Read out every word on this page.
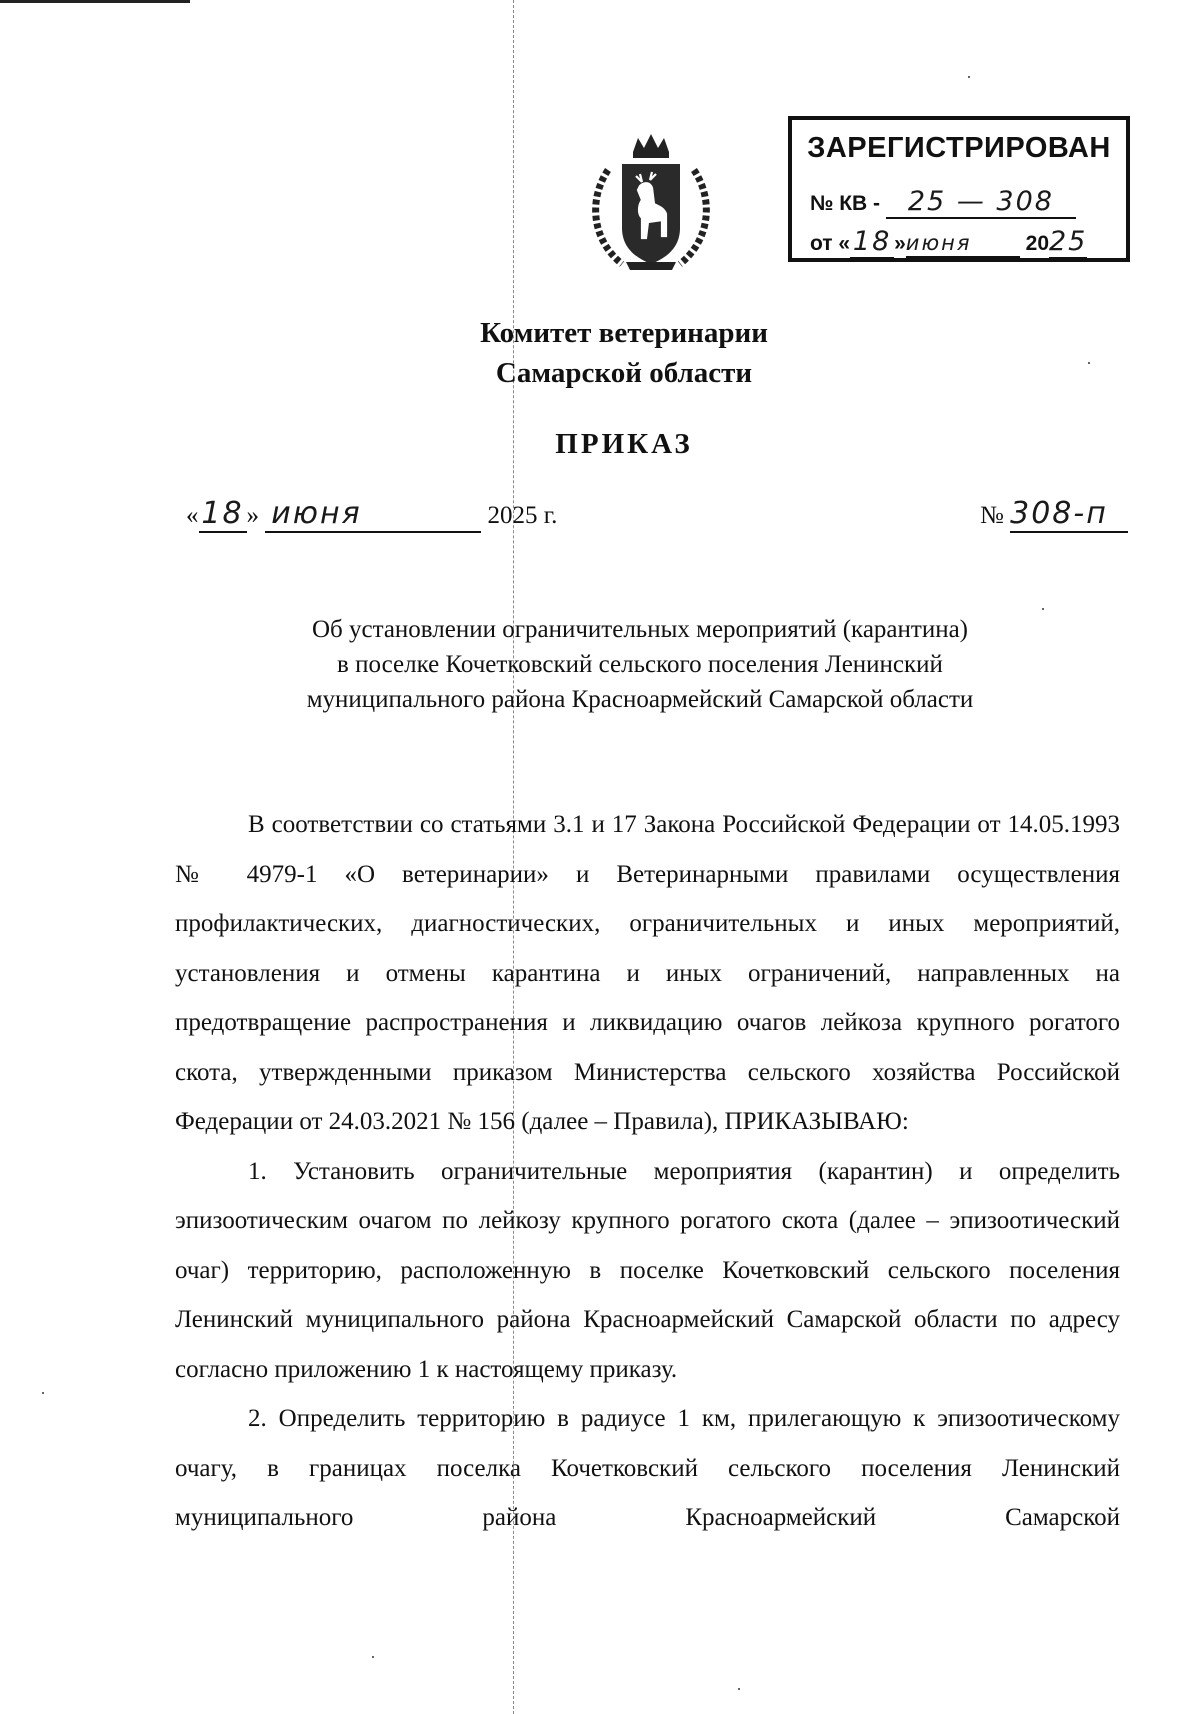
ЗАРЕГИСТРИРОВАН
№ КВ - 25 — 308
от « 18 »июня	2025
Комитет ветеринарии
Самарской области
ПРИКАЗ
«18 » июня	2025 г.	№ 308-п
Об установлении ограничительных мероприятий (карантина)
в поселке Кочетковский сельского поселения Ленинский
муниципального района Красноармейский Самарской области

В соответствии со статьями 3.1 и 17 Закона Российской Федерации от 14.05.1993 № 4979-1 «О ветеринарии» и Ветеринарными правилами осуществления профилактических, диагностических, ограничительных и иных мероприятий, установления и отмены карантина и иных ограничений, направленных на предотвращение распространения и ликвидацию очагов лейкоза крупного рогатого скота, утвержденными приказом Министерства сельского хозяйства Российской Федерации от 24.03.2021 № 156 (далее – Правила), ПРИКАЗЫВАЮ:

1. Установить ограничительные мероприятия (карантин) и определить эпизоотическим очагом по лейкозу крупного рогатого скота (далее – эпизоотический очаг) территорию, расположенную в поселке Кочетковский сельского поселения Ленинский муниципального района Красноармейский Самарской области по адресу согласно приложению 1 к настоящему приказу.

2. Определить территорию в радиусе 1 км, прилегающую к эпизоотическому очагу, в границах поселка Кочетковский сельского поселения Ленинский муниципального района Красноармейский Самарской
